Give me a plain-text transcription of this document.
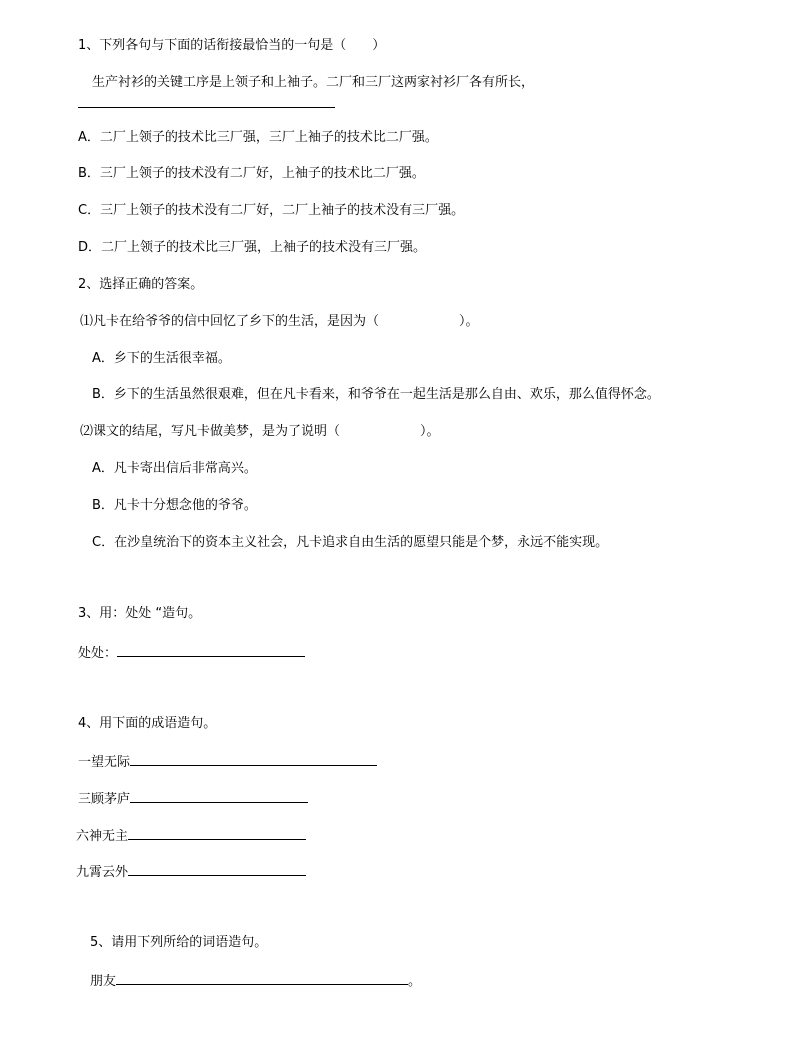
1、下列各句与下面的话衔接最恰当的一句是（　　）
生产衬衫的关键工序是上领子和上袖子。二厂和三厂这两家衬衫厂各有所长，
A．二厂上领子的技术比三厂强，三厂上袖子的技术比二厂强。
B．三厂上领子的技术没有二厂好，上袖子的技术比二厂强。
C．三厂上领子的技术没有二厂好，二厂上袖子的技术没有三厂强。
D．二厂上领子的技术比三厂强，上袖子的技术没有三厂强。
2、选择正确的答案。
⑴凡卡在给爷爷的信中回忆了乡下的生活，是因为（	）。
A．乡下的生活很幸福。
B．乡下的生活虽然很艰难，但在凡卡看来，和爷爷在一起生活是那么自由、欢乐，那么值得怀念。
⑵课文的结尾，写凡卡做美梦，是为了说明（	）。
A．凡卡寄出信后非常高兴。
B．凡卡十分想念他的爷爷。
C．在沙皇统治下的资本主义社会，凡卡追求自由生活的愿望只能是个梦，永远不能实现。
3、用：处处 “造句。
处处：
4、用下面的成语造句。
一望无际
三顾茅庐
六神无主
九霄云外
5、请用下列所给的词语造句。
朋友	。
